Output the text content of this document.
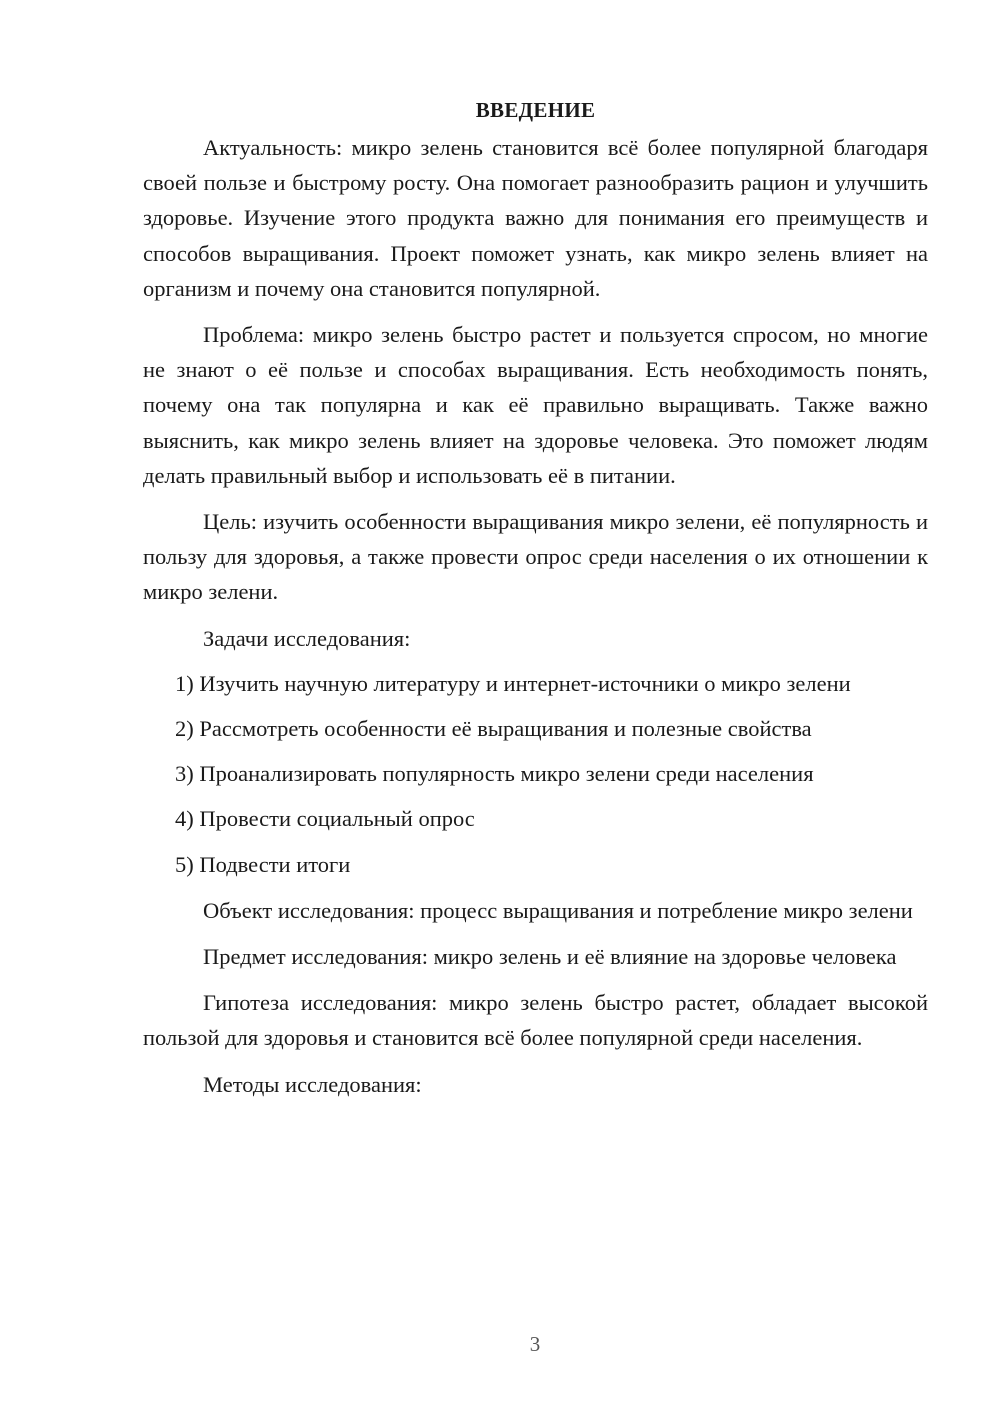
ВВЕДЕНИЕ

Актуальность: микро зелень становится всё более популярной благодаря своей пользе и быстрому росту. Она помогает разнообразить рацион и улучшить здоровье. Изучение этого продукта важно для понимания его преимуществ и способов выращивания. Проект поможет узнать, как микро зелень влияет на организм и почему она становится популярной.

Проблема: микро зелень быстро растет и пользуется спросом, но многие не знают о её пользе и способах выращивания. Есть необходимость понять, почему она так популярна и как её правильно выращивать. Также важно выяснить, как микро зелень влияет на здоровье человека. Это поможет людям делать правильный выбор и использовать её в питании.

Цель: изучить особенности выращивания микро зелени, её популярность и пользу для здоровья, а также провести опрос среди населения о их отношении к микро зелени.

Задачи исследования:

1) Изучить научную литературу и интернет-источники о микро зелени
2) Рассмотреть особенности её выращивания и полезные свойства
3) Проанализировать популярность микро зелени среди населения
4) Провести социальный опрос
5) Подвести итоги

Объект исследования: процесс выращивания и потребление микро зелени

Предмет исследования: микро зелень и её влияние на здоровье человека

Гипотеза исследования: микро зелень быстро растет, обладает высокой пользой для здоровья и становится всё более популярной среди населения.

Методы исследования:

3
